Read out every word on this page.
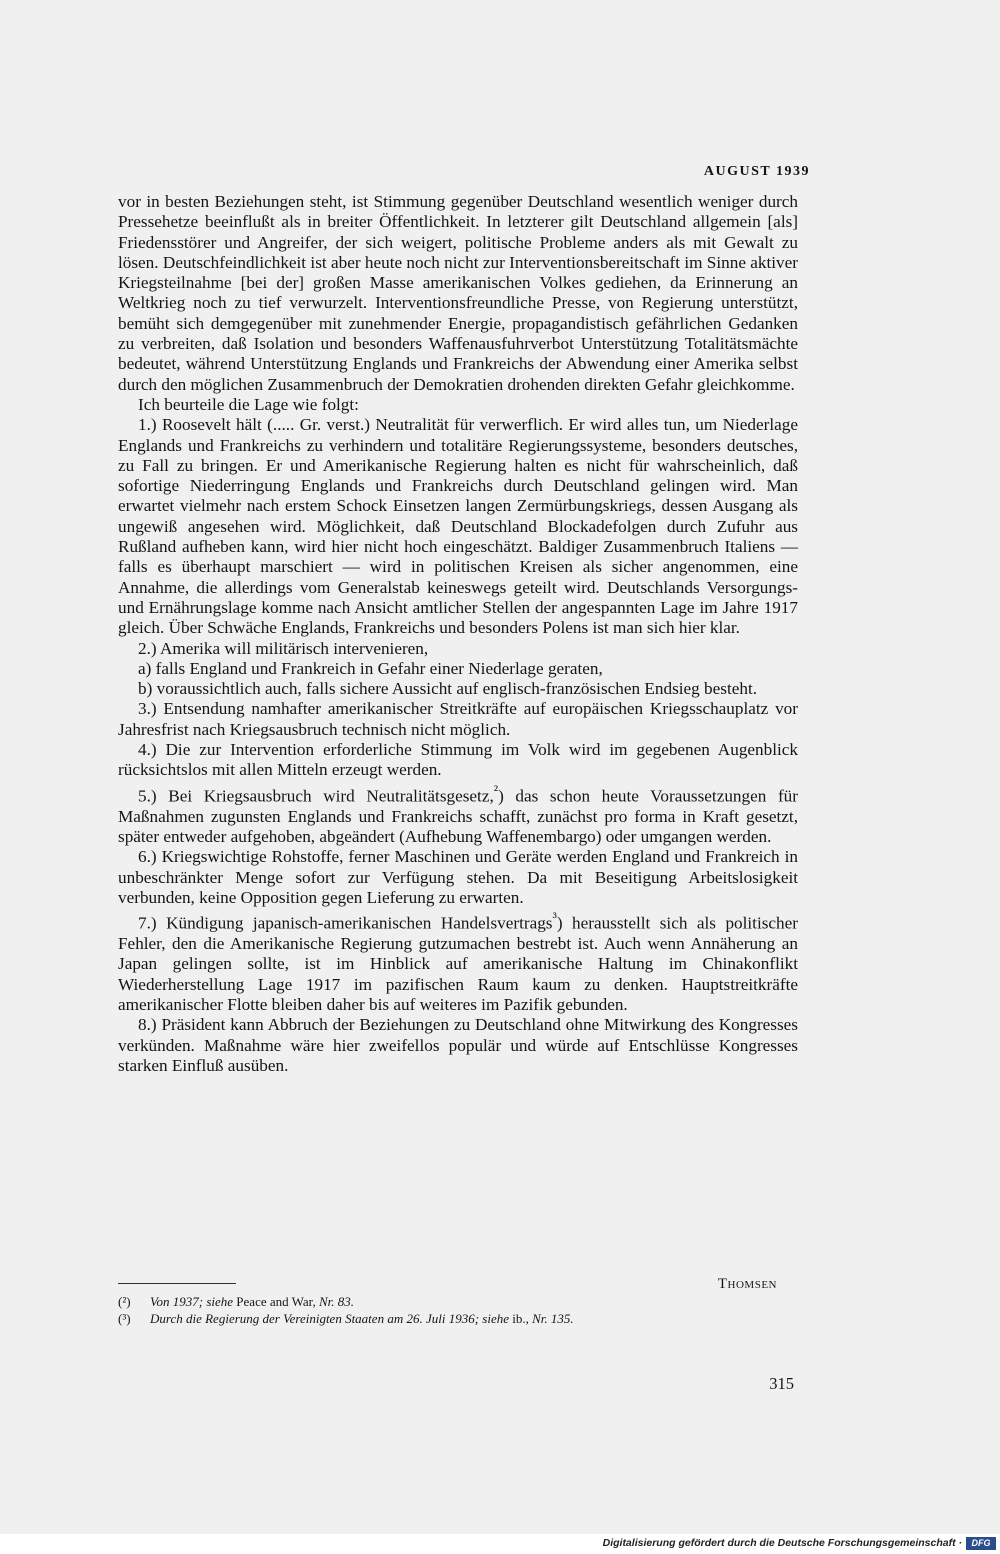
AUGUST 1939

vor in besten Beziehungen steht, ist Stimmung gegenüber Deutschland wesentlich weniger durch Pressehetze beeinflußt als in breiter Öffentlichkeit. In letzterer gilt Deutschland allgemein [als] Friedensstörer und Angreifer, der sich weigert, politische Probleme anders als mit Gewalt zu lösen. Deutschfeindlichkeit ist aber heute noch nicht zur Interventionsbereitschaft im Sinne aktiver Kriegsteilnahme [bei der] großen Masse amerikanischen Volkes gediehen, da Erinnerung an Weltkrieg noch zu tief verwurzelt. Interventionsfreundliche Presse, von Regierung unterstützt, bemüht sich demgegenüber mit zunehmender Energie, propagandistisch gefährlichen Gedanken zu verbreiten, daß Isolation und besonders Waffenausfuhrverbot Unterstützung Totalitätsmächte bedeutet, während Unterstützung Englands und Frankreichs der Abwendung einer Amerika selbst durch den möglichen Zusammenbruch der Demokratien drohenden direkten Gefahr gleichkomme.

Ich beurteile die Lage wie folgt:

1.) Roosevelt hält (..... Gr. verst.) Neutralität für verwerflich. Er wird alles tun, um Niederlage Englands und Frankreichs zu verhindern und totalitäre Regierungssysteme, besonders deutsches, zu Fall zu bringen. Er und Amerikanische Regierung halten es nicht für wahrscheinlich, daß sofortige Niederringung Englands und Frankreichs durch Deutschland gelingen wird. Man erwartet vielmehr nach erstem Schock Einsetzen langen Zermürbungskriegs, dessen Ausgang als ungewiß angesehen wird. Möglichkeit, daß Deutschland Blockadefolgen durch Zufuhr aus Rußland aufheben kann, wird hier nicht hoch eingeschätzt. Baldiger Zusammenbruch Italiens — falls es überhaupt marschiert — wird in politischen Kreisen als sicher angenommen, eine Annahme, die allerdings vom Generalstab keineswegs geteilt wird. Deutschlands Versorgungs- und Ernährungslage komme nach Ansicht amtlicher Stellen der angespannten Lage im Jahre 1917 gleich. Über Schwäche Englands, Frankreichs und besonders Polens ist man sich hier klar.

2.) Amerika will militärisch intervenieren,

a) falls England und Frankreich in Gefahr einer Niederlage geraten,

b) voraussichtlich auch, falls sichere Aussicht auf englisch-französischen Endsieg besteht.

3.) Entsendung namhafter amerikanischer Streitkräfte auf europäischen Kriegsschauplatz vor Jahresfrist nach Kriegsausbruch technisch nicht möglich.

4.) Die zur Intervention erforderliche Stimmung im Volk wird im gegebenen Augenblick rücksichtslos mit allen Mitteln erzeugt werden.

5.) Bei Kriegsausbruch wird Neutralitätsgesetz,$^{^2}$) das schon heute Voraussetzungen für Maßnahmen zugunsten Englands und Frankreichs schafft, zunächst pro forma in Kraft gesetzt, später entweder aufgehoben, abgeändert (Aufhebung Waffenembargo) oder umgangen werden.

6.) Kriegswichtige Rohstoffe, ferner Maschinen und Geräte werden England und Frankreich in unbeschränkter Menge sofort zur Verfügung stehen. Da mit Beseitigung Arbeitslosigkeit verbunden, keine Opposition gegen Lieferung zu erwarten.

7.) Kündigung japanisch-amerikanischen Handelsvertrags$^{^3}$) herausstellt sich als politischer Fehler, den die Amerikanische Regierung gutzumachen bestrebt ist. Auch wenn Annäherung an Japan gelingen sollte, ist im Hinblick auf amerikanische Haltung im Chinakonflikt Wiederherstellung Lage 1917 im pazifischen Raum kaum zu denken. Hauptstreitkräfte amerikanischer Flotte bleiben daher bis auf weiteres im Pazifik gebunden.

8.) Präsident kann Abbruch der Beziehungen zu Deutschland ohne Mitwirkung des Kongresses verkünden. Maßnahme wäre hier zweifellos populär und würde auf Entschlüsse Kongresses starken Einfluß ausüben.

Thomsen

(²) Von 1937; siehe Peace and War, Nr. 83.

(³) Durch die Regierung der Vereinigten Staaten am 26. Juli 1936; siehe ib., Nr. 135.

315
Digitalisierung gefördert durch die Deutsche Forschungsgemeinschaft ·	DFG
